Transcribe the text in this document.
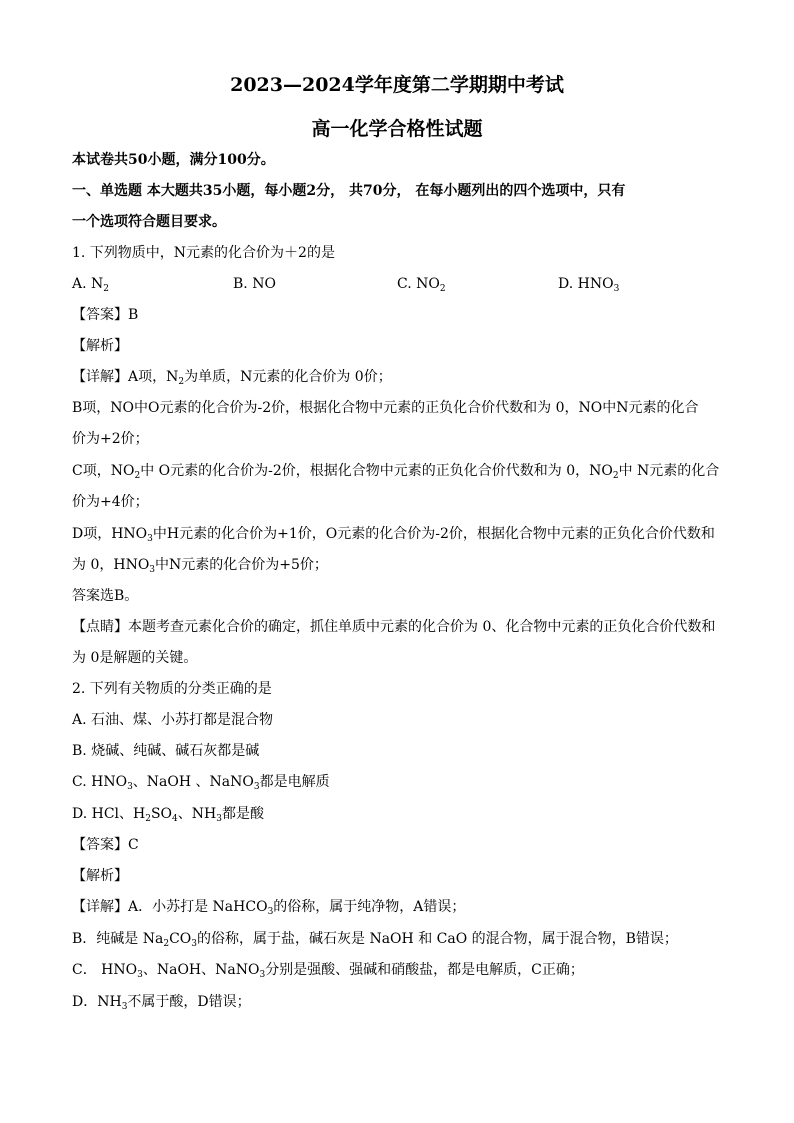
2023—2024学年度第二学期期中考试
高一化学合格性试题
本试卷共50小题，满分100分。
一、单选题 本大题共35小题，每小题2分， 共70分， 在每小题列出的四个选项中，只有
一个选项符合题目要求。
1. 下列物质中，N元素的化合价为＋2的是
A. $N_2$	B. NO	C. $NO_2$	D. $HNO_3$
【答案】B
【解析】
【详解】A项，$N_2$为单质，N元素的化合价为 0价；
B项，NO中O元素的化合价为-2价，根据化合物中元素的正负化合价代数和为 0，NO中N元素的化合
价为+2价；
C项，$NO_2$中 O元素的化合价为-2价，根据化合物中元素的正负化合价代数和为 0，$NO_2$中 N元素的化合
价为+4价；
D项，$HNO_3$中H元素的化合价为+1价，O元素的化合价为-2价，根据化合物中元素的正负化合价代数和
为 0，$HNO_3$中N元素的化合价为+5价；
答案选B。
【点睛】本题考查元素化合价的确定，抓住单质中元素的化合价为 0、化合物中元素的正负化合价代数和
为 0是解题的关键。
2. 下列有关物质的分类正确的是
A. 石油、煤、小苏打都是混合物
B. 烧碱、纯碱、碱石灰都是碱
C. $HNO_3$、NaOH 、NaNO$_3$都是电解质
D. HCl、$H_2SO_4$、$NH_3$都是酸
【答案】C
【解析】
【详解】A．小苏打是 NaHCO$_3$的俗称，属于纯净物，A错误；
B．纯碱是 $Na_2CO_3$的俗称，属于盐，碱石灰是 NaOH 和 CaO 的混合物，属于混合物，B错误；
C． $HNO_3$、NaOH、NaNO$_3$分别是强酸、强碱和硝酸盐，都是电解质，C正确；
D．$NH_3$不属于酸，D错误；
